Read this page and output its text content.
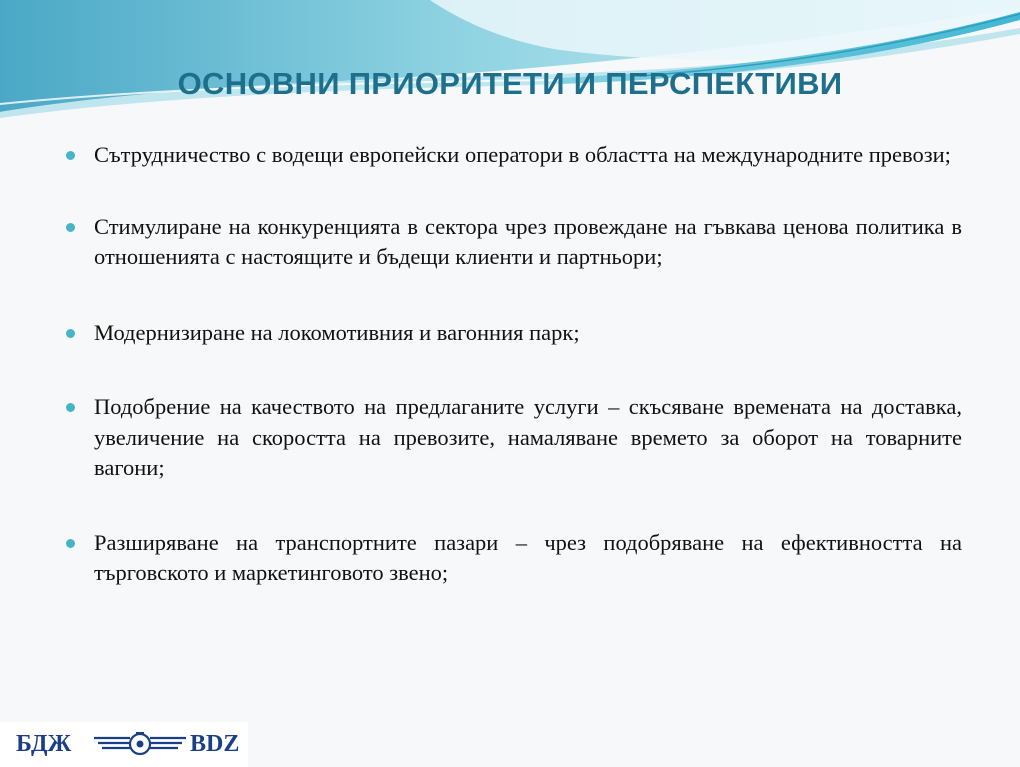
ОСНОВНИ ПРИОРИТЕТИ И ПЕРСПЕКТИВИ
Сътрудничество с водещи европейски оператори в областта на международните превози;
Стимулиране на конкуренцията в сектора чрез провеждане на гъвкава ценова политика в отношенията с настоящите и бъдещи клиенти и партньори;
Модернизиране на локомотивния и вагонния парк;
Подобрение на качеството на предлаганите услуги – скъсяване времената на доставка, увеличение на скоростта на превозите, намаляване времето за оборот на товарните вагони;
Разширяване на транспортните пазари – чрез подобряване на ефективността на търговското и маркетинговото звено;
БДЖ	BDZ
